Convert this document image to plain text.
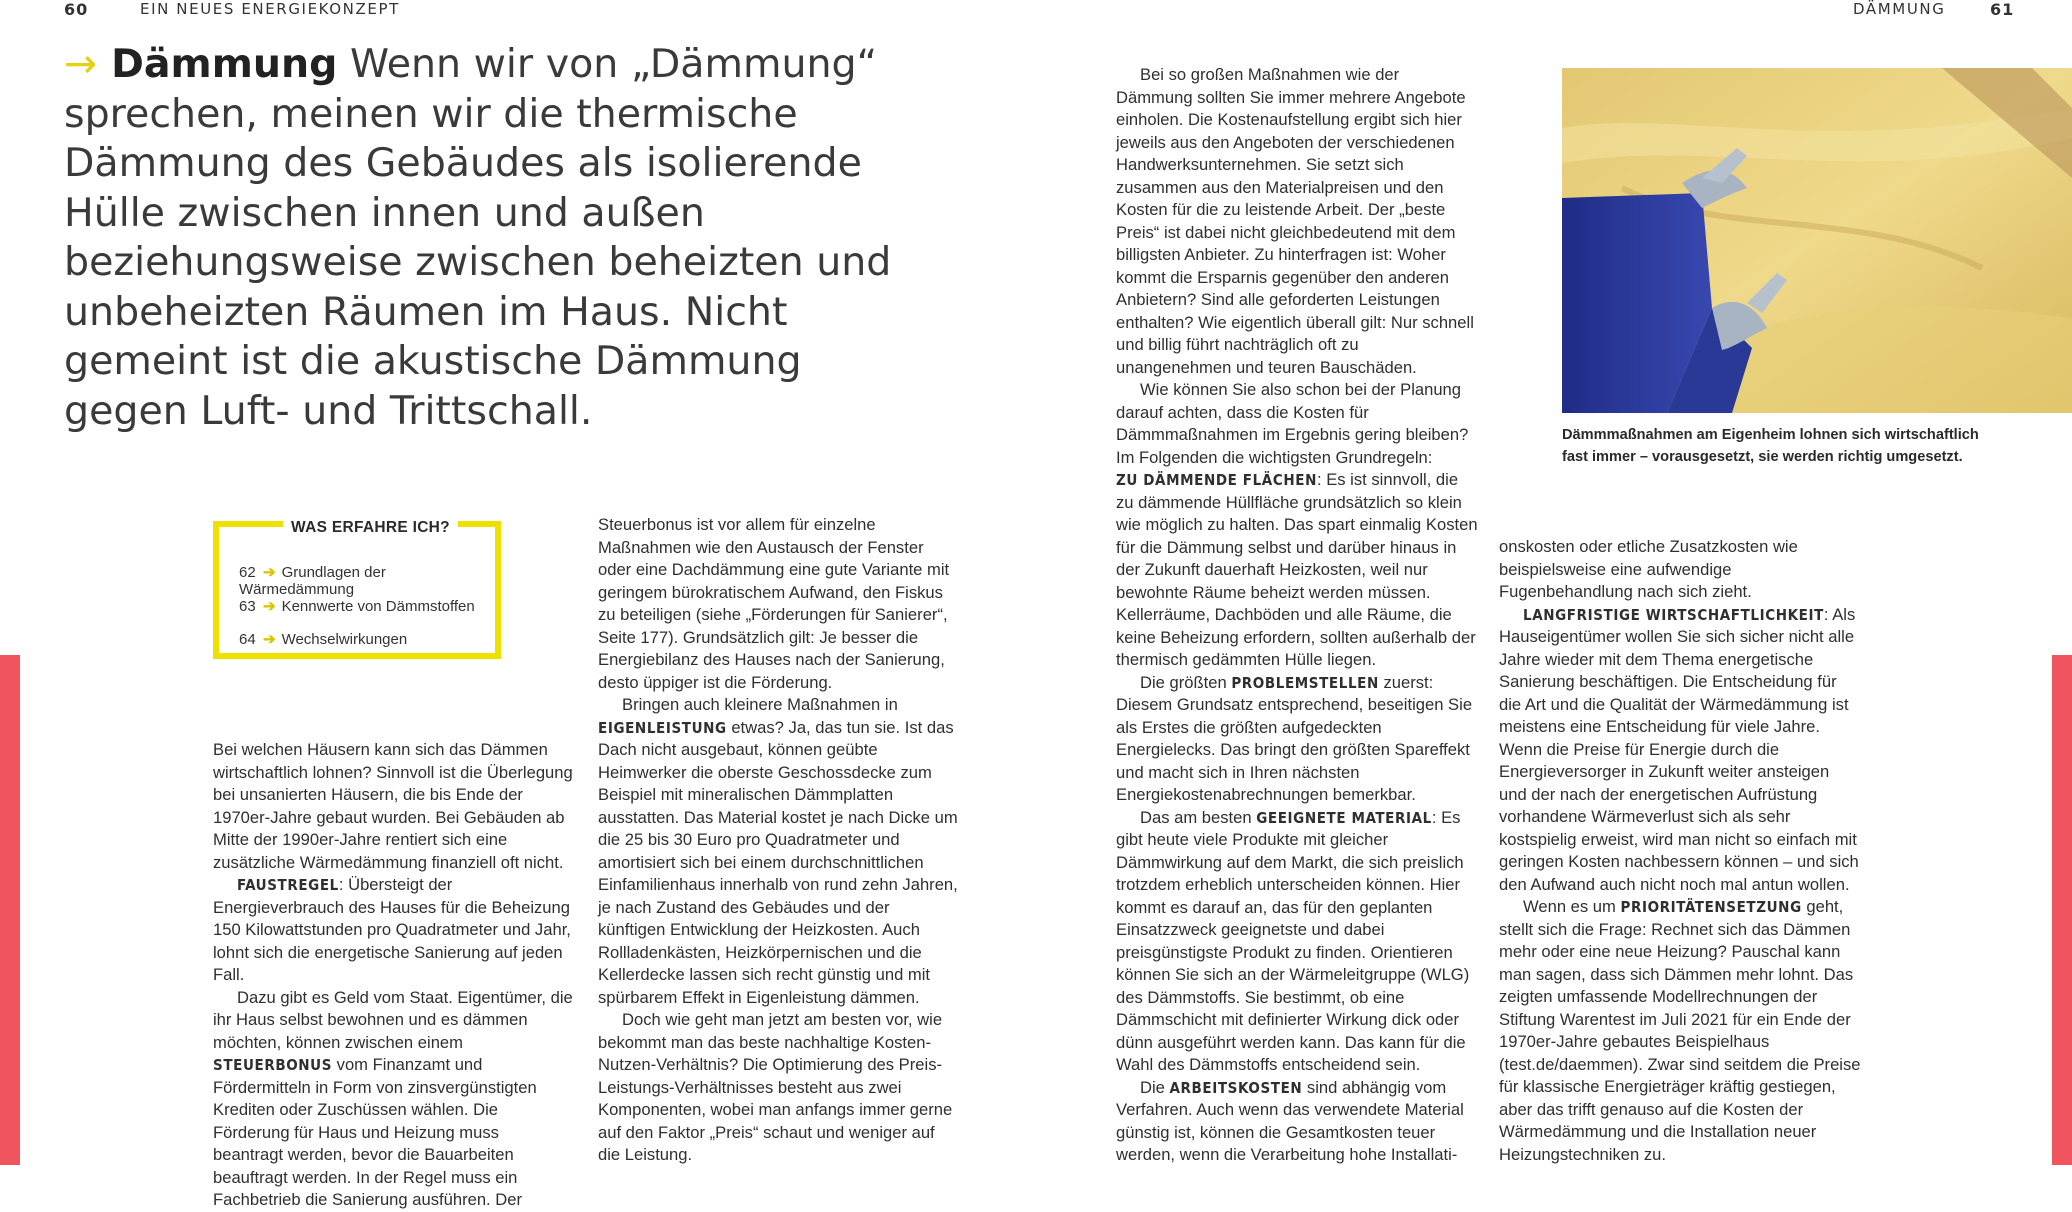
60	EIN NEUES ENERGIEKONZEPT
→ Dämmung Wenn wir von „Dämmung“ sprechen, meinen wir die thermische Dämmung des Gebäudes als isolierende Hülle zwischen innen und außen beziehungsweise zwischen beheizten und unbeheizten Räumen im Haus. Nicht gemeint ist die akustische Dämmung gegen Luft- und Trittschall.
WAS ERFAHRE ICH?
62 ➔ Grundlagen der Wärmedämmung
63 ➔ Kennwerte von Dämmstoffen
64 ➔ Wechselwirkungen

Bei welchen Häusern kann sich das Dämmen wirtschaftlich lohnen? Sinnvoll ist die Überlegung bei unsanierten Häusern, die bis Ende der 1970er-Jahre gebaut wurden. Bei Gebäuden ab Mitte der 1990er-Jahre rentiert sich eine zusätzliche Wärmedämmung finanziell oft nicht.

FAUSTREGEL: Übersteigt der Energieverbrauch des Hauses für die Beheizung 150 Kilowattstunden pro Quadratmeter und Jahr, lohnt sich die energetische Sanierung auf jeden Fall.

Dazu gibt es Geld vom Staat. Eigentümer, die ihr Haus selbst bewohnen und es dämmen möchten, können zwischen einem STEUERBONUS vom Finanzamt und Fördermitteln in Form von zinsvergünstigten Krediten oder Zuschüssen wählen. Die Förderung für Haus und Heizung muss beantragt werden, bevor die Bauarbeiten beauftragt werden. In der Regel muss ein Fachbetrieb die Sanierung ausführen. Der

Steuerbonus ist vor allem für einzelne Maßnahmen wie den Austausch der Fenster oder eine Dachdämmung eine gute Variante mit geringem bürokratischem Aufwand, den Fiskus zu beteiligen (siehe „Förderungen für Sanierer“, Seite 177). Grundsätzlich gilt: Je besser die Energiebilanz des Hauses nach der Sanierung, desto üppiger ist die Förderung.

Bringen auch kleinere Maßnahmen in EIGENLEISTUNG etwas? Ja, das tun sie. Ist das Dach nicht ausgebaut, können geübte Heimwerker die oberste Geschossdecke zum Beispiel mit mineralischen Dämmplatten ausstatten. Das Material kostet je nach Dicke um die 25 bis 30 Euro pro Quadratmeter und amortisiert sich bei einem durchschnittlichen Einfamilienhaus innerhalb von rund zehn Jahren, je nach Zustand des Gebäudes und der künftigen Entwicklung der Heizkosten. Auch Rollladenkästen, Heizkörpernischen und die Kellerdecke lassen sich recht günstig und mit spürbarem Effekt in Eigenleistung dämmen.

Doch wie geht man jetzt am besten vor, wie bekommt man das beste nachhaltige Kosten-Nutzen-Verhältnis? Die Optimierung des Preis-Leistungs-Verhältnisses besteht aus zwei Komponenten, wobei man anfangs immer gerne auf den Faktor „Preis“ schaut und weniger auf die Leistung.

DÄMMUNG	61

Bei so großen Maßnahmen wie der Dämmung sollten Sie immer mehrere Angebote einholen. Die Kostenaufstellung ergibt sich hier jeweils aus den Angeboten der verschiedenen Handwerksunternehmen. Sie setzt sich zusammen aus den Materialpreisen und den Kosten für die zu leistende Arbeit. Der „beste Preis“ ist dabei nicht gleichbedeutend mit dem billigsten Anbieter. Zu hinterfragen ist: Woher kommt die Ersparnis gegenüber den anderen Anbietern? Sind alle geforderten Leistungen enthalten? Wie eigentlich überall gilt: Nur schnell und billig führt nachträglich oft zu unangenehmen und teuren Bauschäden.

Wie können Sie also schon bei der Planung darauf achten, dass die Kosten für Dämmmaßnahmen im Ergebnis gering bleiben? Im Folgenden die wichtigsten Grundregeln:

ZU DÄMMENDE FLÄCHEN: Es ist sinnvoll, die zu dämmende Hüllfläche grundsätzlich so klein wie möglich zu halten. Das spart einmalig Kosten für die Dämmung selbst und darüber hinaus in der Zukunft dauerhaft Heizkosten, weil nur bewohnte Räume beheizt werden müssen. Kellerräume, Dachböden und alle Räume, die keine Beheizung erfordern, sollten außerhalb der thermisch gedämmten Hülle liegen.

Die größten PROBLEMSTELLEN zuerst: Diesem Grundsatz entsprechend, beseitigen Sie als Erstes die größten aufgedeckten Energielecks. Das bringt den größten Spareffekt und macht sich in Ihren nächsten Energiekostenabrechnungen bemerkbar.

Das am besten GEEIGNETE MATERIAL: Es gibt heute viele Produkte mit gleicher Dämmwirkung auf dem Markt, die sich preislich trotzdem erheblich unterscheiden können. Hier kommt es darauf an, das für den geplanten Einsatzzweck geeignetste und dabei preisgünstigste Produkt zu finden. Orientieren können Sie sich an der Wärmeleitgruppe (WLG) des Dämmstoffs. Sie bestimmt, ob eine Dämmschicht mit definierter Wirkung dick oder dünn ausgeführt werden kann. Das kann für die Wahl des Dämmstoffs entscheidend sein.

Die ARBEITSKOSTEN sind abhängig vom Verfahren. Auch wenn das verwendete Material günstig ist, können die Gesamtkosten teuer werden, wenn die Verarbeitung hohe Installati-

Dämmmaßnahmen am Eigenheim lohnen sich wirtschaftlich fast immer – vorausgesetzt, sie werden richtig umgesetzt.

onskosten oder etliche Zusatzkosten wie beispielsweise eine aufwendige Fugenbehandlung nach sich zieht.

LANGFRISTIGE WIRTSCHAFTLICHKEIT: Als Hauseigentümer wollen Sie sich sicher nicht alle Jahre wieder mit dem Thema energetische Sanierung beschäftigen. Die Entscheidung für die Art und die Qualität der Wärmedämmung ist meistens eine Entscheidung für viele Jahre. Wenn die Preise für Energie durch die Energieversorger in Zukunft weiter ansteigen und der nach der energetischen Aufrüstung vorhandene Wärmeverlust sich als sehr kostspielig erweist, wird man nicht so einfach mit geringen Kosten nachbessern können – und sich den Aufwand auch nicht noch mal antun wollen.

Wenn es um PRIORITÄTENSETZUNG geht, stellt sich die Frage: Rechnet sich das Dämmen mehr oder eine neue Heizung? Pauschal kann man sagen, dass sich Dämmen mehr lohnt. Das zeigten umfassende Modellrechnungen der Stiftung Warentest im Juli 2021 für ein Ende der 1970er-Jahre gebautes Beispielhaus (test.de/daemmen). Zwar sind seitdem die Preise für klassische Energieträger kräftig gestiegen, aber das trifft genauso auf die Kosten der Wärmedämmung und die Installation neuer Heizungstechniken zu.
